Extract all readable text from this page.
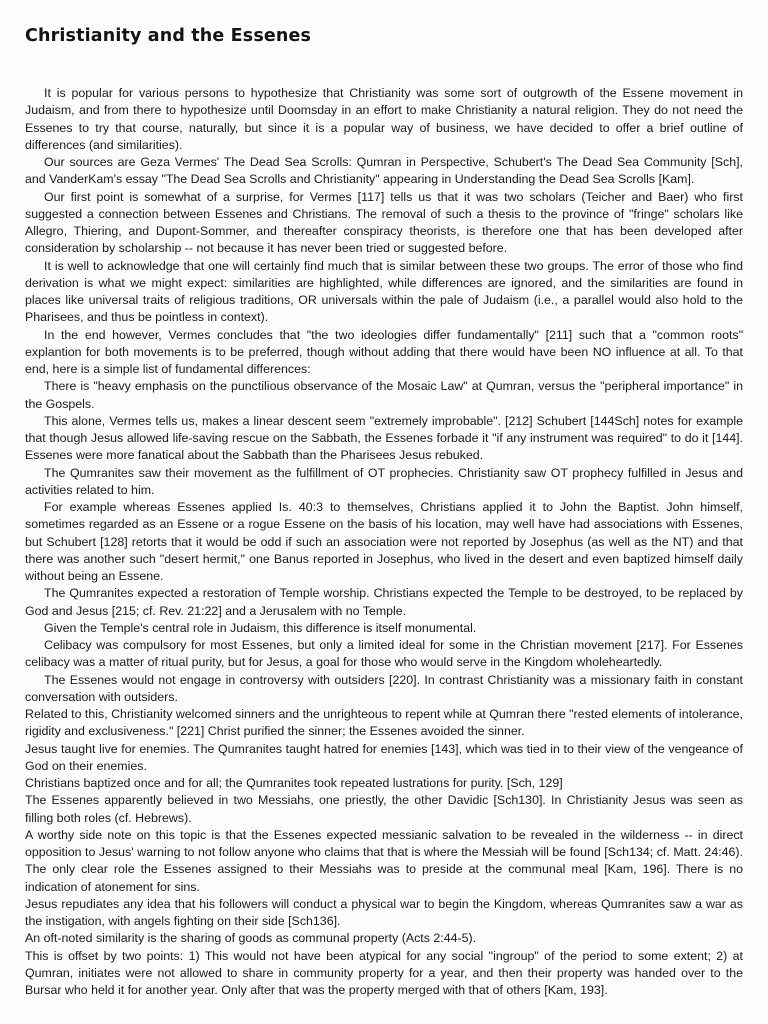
Christianity and the Essenes

It is popular for various persons to hypothesize that Christianity was some sort of outgrowth of the Essene movement in Judaism, and from there to hypothesize until Doomsday in an effort to make Christianity a natural religion. They do not need the Essenes to try that course, naturally, but since it is a popular way of business, we have decided to offer a brief outline of differences (and similarities).

Our sources are Geza Vermes' The Dead Sea Scrolls: Qumran in Perspective, Schubert's The Dead Sea Community [Sch], and VanderKam's essay "The Dead Sea Scrolls and Christianity" appearing in Understanding the Dead Sea Scrolls [Kam].

Our first point is somewhat of a surprise, for Vermes [117] tells us that it was two scholars (Teicher and Baer) who first suggested a connection between Essenes and Christians. The removal of such a thesis to the province of "fringe" scholars like Allegro, Thiering, and Dupont-Sommer, and thereafter conspiracy theorists, is therefore one that has been developed after consideration by scholarship -- not because it has never been tried or suggested before.

It is well to acknowledge that one will certainly find much that is similar between these two groups. The error of those who find derivation is what we might expect: similarities are highlighted, while differences are ignored, and the similarities are found in places like universal traits of religious traditions, OR universals within the pale of Judaism (i.e., a parallel would also hold to the Pharisees, and thus be pointless in context).

In the end however, Vermes concludes that "the two ideologies differ fundamentally" [211] such that a "common roots" explantion for both movements is to be preferred, though without adding that there would have been NO influence at all. To that end, here is a simple list of fundamental differences:

There is "heavy emphasis on the punctilious observance of the Mosaic Law" at Qumran, versus the "peripheral importance" in the Gospels.

This alone, Vermes tells us, makes a linear descent seem "extremely improbable". [212] Schubert [144Sch] notes for example that though Jesus allowed life-saving rescue on the Sabbath, the Essenes forbade it "if any instrument was required" to do it [144]. Essenes were more fanatical about the Sabbath than the Pharisees Jesus rebuked.

The Qumranites saw their movement as the fulfillment of OT prophecies. Christianity saw OT prophecy fulfilled in Jesus and activities related to him.

For example whereas Essenes applied Is. 40:3 to themselves, Christians applied it to John the Baptist. John himself, sometimes regarded as an Essene or a rogue Essene on the basis of his location, may well have had associations with Essenes, but Schubert [128] retorts that it would be odd if such an association were not reported by Josephus (as well as the NT) and that there was another such "desert hermit," one Banus reported in Josephus, who lived in the desert and even baptized himself daily without being an Essene.

The Qumranites expected a restoration of Temple worship. Christians expected the Temple to be destroyed, to be replaced by God and Jesus [215; cf. Rev. 21:22] and a Jerusalem with no Temple.

Given the Temple's central role in Judaism, this difference is itself monumental.

Celibacy was compulsory for most Essenes, but only a limited ideal for some in the Christian movement [217]. For Essenes celibacy was a matter of ritual purity, but for Jesus, a goal for those who would serve in the Kingdom wholeheartedly.

The Essenes would not engage in controversy with outsiders [220]. In contrast Christianity was a missionary faith in constant conversation with outsiders.

Related to this, Christianity welcomed sinners and the unrighteous to repent while at Qumran there "rested elements of intolerance, rigidity and exclusiveness." [221] Christ purified the sinner; the Essenes avoided the sinner.

Jesus taught live for enemies. The Qumranites taught hatred for enemies [143], which was tied in to their view of the vengeance of God on their enemies.

Christians baptized once and for all; the Qumranites took repeated lustrations for purity. [Sch, 129]

The Essenes apparently believed in two Messiahs, one priestly, the other Davidic [Sch130]. In Christianity Jesus was seen as filling both roles (cf. Hebrews).

A worthy side note on this topic is that the Essenes expected messianic salvation to be revealed in the wilderness -- in direct opposition to Jesus' warning to not follow anyone who claims that that is where the Messiah will be found [Sch134; cf. Matt. 24:46). The only clear role the Essenes assigned to their Messiahs was to preside at the communal meal [Kam, 196]. There is no indication of atonement for sins.

Jesus repudiates any idea that his followers will conduct a physical war to begin the Kingdom, whereas Qumranites saw a war as the instigation, with angels fighting on their side [Sch136].

An oft-noted similarity is the sharing of goods as communal property (Acts 2:44-5).

This is offset by two points: 1) This would not have been atypical for any social "ingroup" of the period to some extent; 2) at Qumran, initiates were not allowed to share in community property for a year, and then their property was handed over to the Bursar who held it for another year. Only after that was the property merged with that of others [Kam, 193].
